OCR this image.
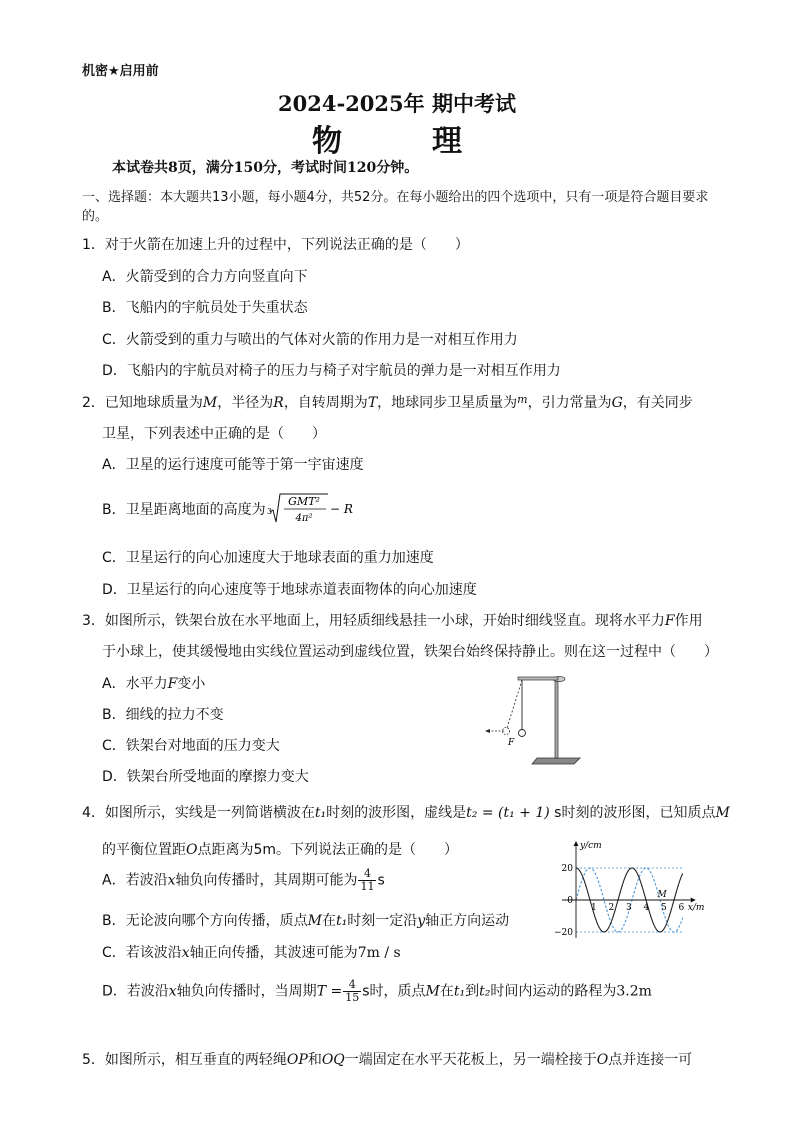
机密★启用前
2024-2025年 期中考试
物　理
本试卷共8页，满分150分，考试时间120分钟。
一、选择题：本大题共13小题，每小题4分，共52分。在每小题给出的四个选项中，只有一项是符合题目要求的。
1．对于火箭在加速上升的过程中，下列说法正确的是（　　）
A．火箭受到的合力方向竖直向下
B．飞船内的宇航员处于失重状态
C．火箭受到的重力与喷出的气体对火箭的作用力是一对相互作用力
D．飞船内的宇航员对椅子的压力与椅子对宇航员的弹力是一对相互作用力
2．已知地球质量为M，半径为R，自转周期为T，地球同步卫星质量为$^m$，引力常量为G，有关同步
卫星，下列表述中正确的是（　　）
A．卫星的运行速度可能等于第一宇宙速度
B．卫星距离地面的高度为 3
GMT²
4π²
− R
C．卫星运行的向心加速度大于地球表面的重力加速度
D．卫星运行的向心速度等于地球赤道表面物体的向心加速度
3．如图所示，铁架台放在水平地面上，用轻质细线悬挂一小球，开始时细线竖直。现将水平力F作用
于小球上，使其缓慢地由实线位置运动到虚线位置，铁架台始终保持静止。则在这一过程中（　　）
A．水平力F变小
B．细线的拉力不变
C．铁架台对地面的压力变大
D．铁架台所受地面的摩擦力变大
F
4．如图所示，实线是一列简谐横波在t₁时刻的波形图，虚线是t₂ = (t₁ + 1) s时刻的波形图，已知质点M
的平衡位置距O点距离为5m。下列说法正确的是（　　）
A．若波沿x轴负向传播时，其周期可能为 $\frac{4}{11}$ s
B．无论波向哪个方向传播，质点M在t₁时刻一定沿y轴正方向运动
C．若该波沿x轴正向传播，其波速可能为7m / s
D．若波沿x轴负向传播时，当周期$T = \frac{4}{15}$ s时，质点M在t₁到t₂时间内运动的路程为3.2m
1 2 3 4 5 6
20
0
−20
x/m
y/cm
M
5．如图所示，相互垂直的两轻绳OP和OQ一端固定在水平天花板上，另一端栓接于O点并连接一可
